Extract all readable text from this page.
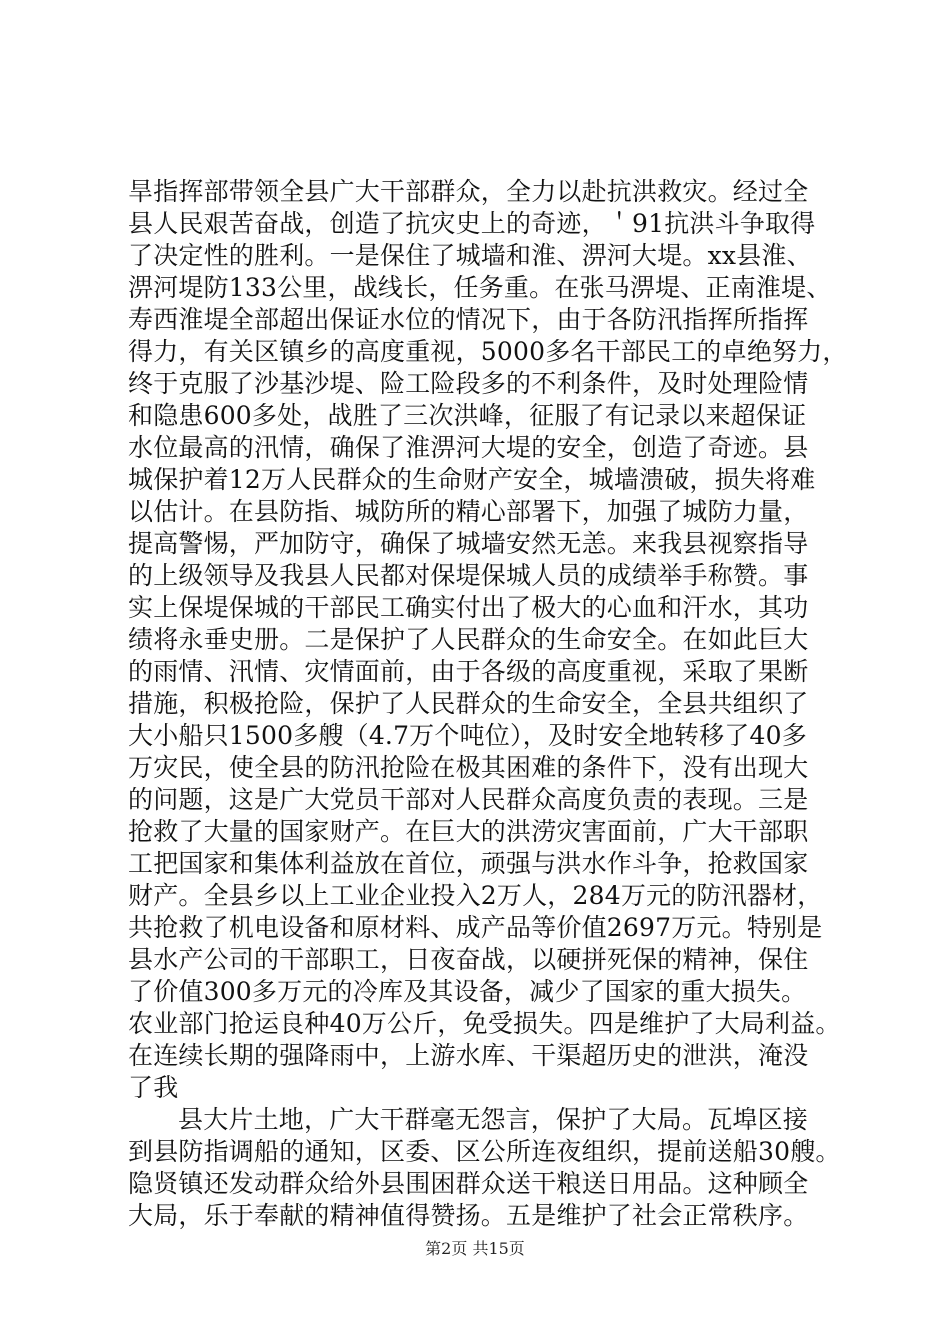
旱指挥部带领全县广大干部群众，全力以赴抗洪救灾。经过全
县人民艰苦奋战，创造了抗灾史上的奇迹，＇91抗洪斗争取得
了决定性的胜利。一是保住了城墙和淮、淠河大堤。xx县淮、
淠河堤防133公里，战线长，任务重。在张马淠堤、正南淮堤、
寿西淮堤全部超出保证水位的情况下，由于各防汛指挥所指挥
得力，有关区镇乡的高度重视，5000多名干部民工的卓绝努力，
终于克服了沙基沙堤、险工险段多的不利条件，及时处理险情
和隐患600多处，战胜了三次洪峰，征服了有记录以来超保证
水位最高的汛情，确保了淮淠河大堤的安全，创造了奇迹。县
城保护着12万人民群众的生命财产安全，城墙溃破，损失将难
以估计。在县防指、城防所的精心部署下，加强了城防力量，
提高警惕，严加防守，确保了城墙安然无恙。来我县视察指导
的上级领导及我县人民都对保堤保城人员的成绩举手称赞。事
实上保堤保城的干部民工确实付出了极大的心血和汗水，其功
绩将永垂史册。二是保护了人民群众的生命安全。在如此巨大
的雨情、汛情、灾情面前，由于各级的高度重视，采取了果断
措施，积极抢险，保护了人民群众的生命安全，全县共组织了
大小船只1500多艘（4.7万个吨位），及时安全地转移了40多
万灾民，使全县的防汛抢险在极其困难的条件下，没有出现大
的问题，这是广大党员干部对人民群众高度负责的表现。三是
抢救了大量的国家财产。在巨大的洪涝灾害面前，广大干部职
工把国家和集体利益放在首位，顽强与洪水作斗争，抢救国家
财产。全县乡以上工业企业投入2万人，284万元的防汛器材，
共抢救了机电设备和原材料、成产品等价值2697万元。特别是
县水产公司的干部职工，日夜奋战，以硬拼死保的精神，保住
了价值300多万元的冷库及其设备，减少了国家的重大损失。
农业部门抢运良种40万公斤，免受损失。四是维护了大局利益。
在连续长期的强降雨中，上游水库、干渠超历史的泄洪，淹没
了我
县大片土地，广大干群毫无怨言，保护了大局。瓦埠区接
到县防指调船的通知，区委、区公所连夜组织，提前送船30艘。
隐贤镇还发动群众给外县围困群众送干粮送日用品。这种顾全
大局，乐于奉献的精神值得赞扬。五是维护了社会正常秩序。
第2页 共15页
